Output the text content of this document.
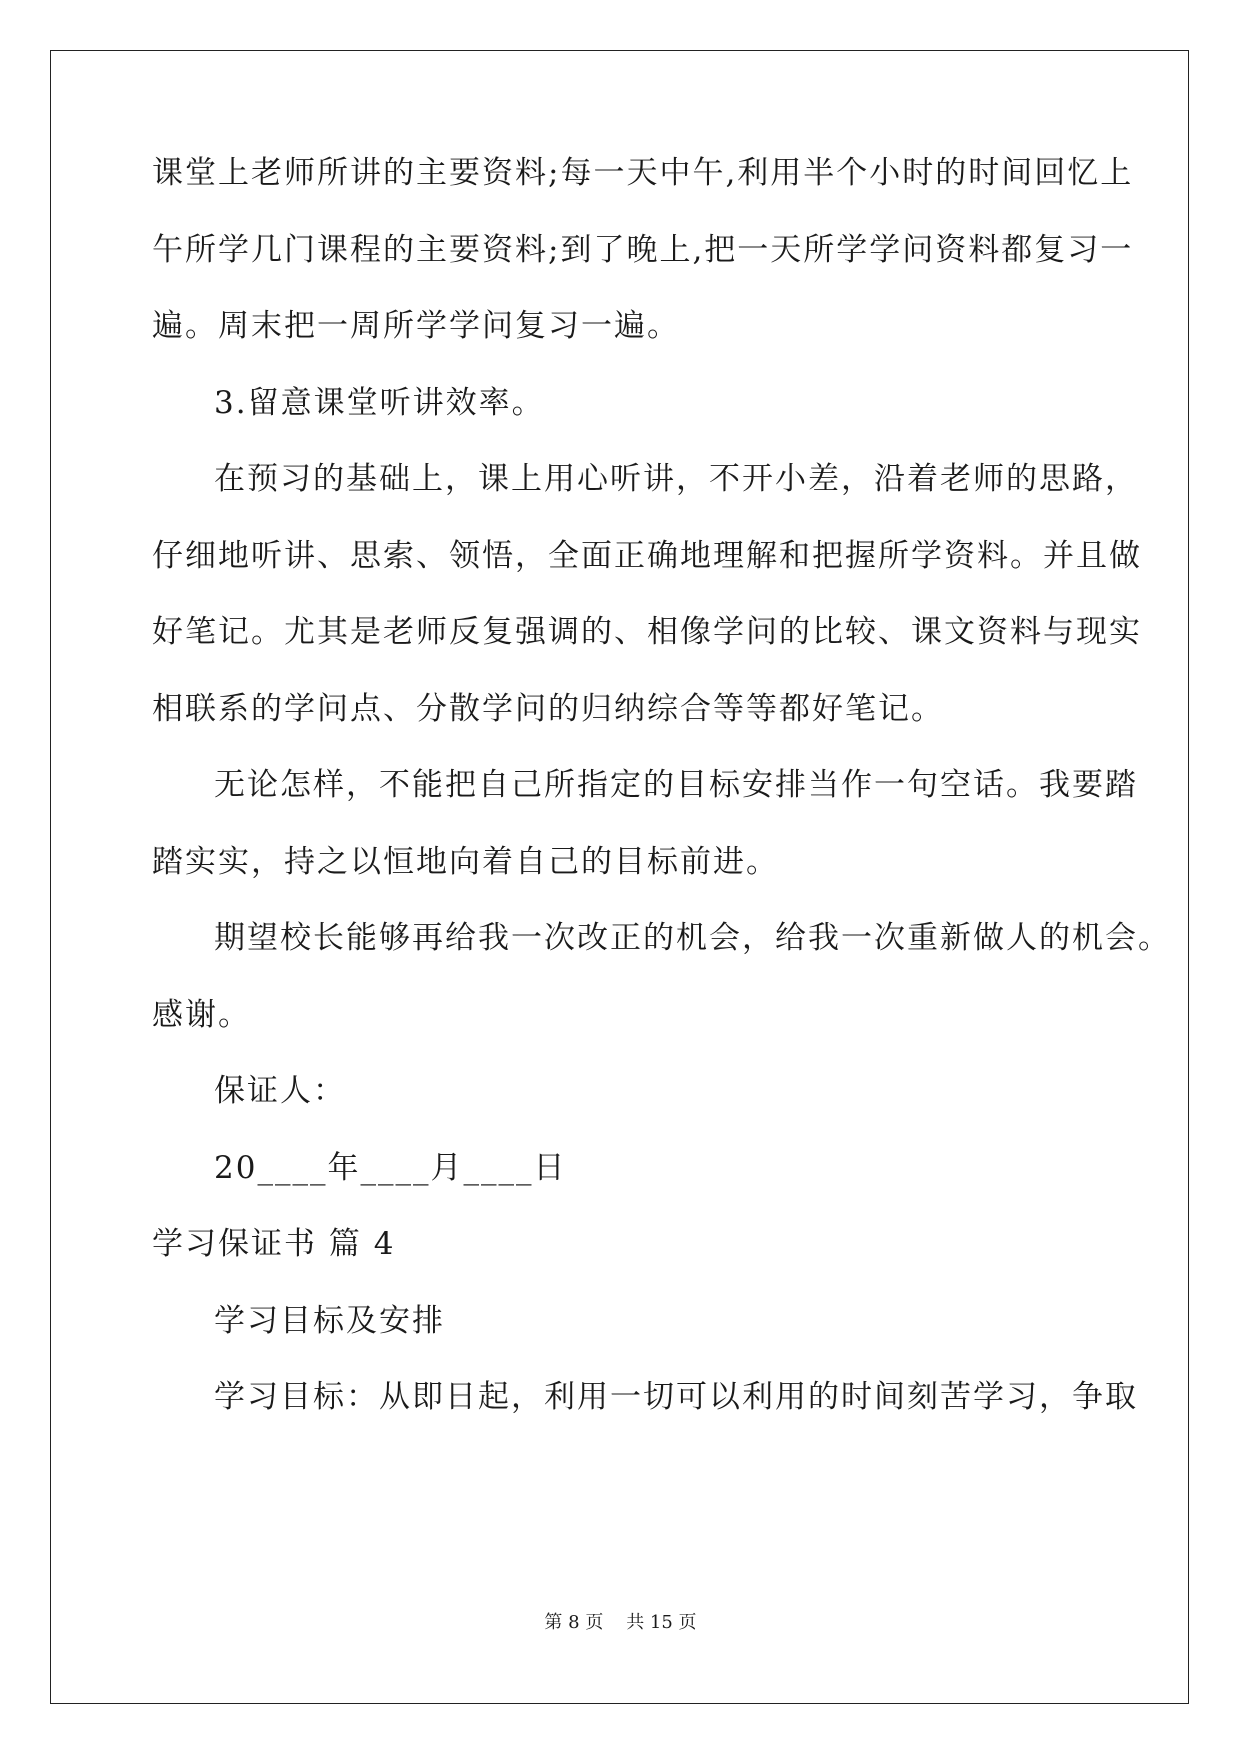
课堂上老师所讲的主要资料;每一天中午,利用半个小时的时间回忆上
午所学几门课程的主要资料;到了晚上,把一天所学学问资料都复习一
遍。周末把一周所学学问复习一遍。
3.留意课堂听讲效率。
在预习的基础上，课上用心听讲，不开小差，沿着老师的思路，
仔细地听讲、思索、领悟，全面正确地理解和把握所学资料。并且做
好笔记。尤其是老师反复强调的、相像学问的比较、课文资料与现实
相联系的学问点、分散学问的归纳综合等等都好笔记。
无论怎样，不能把自己所指定的目标安排当作一句空话。我要踏
踏实实，持之以恒地向着自己的目标前进。
期望校长能够再给我一次改正的机会，给我一次重新做人的机会。
感谢。
保证人：
20____年____月____日
学习保证书 篇 4
学习目标及安排
学习目标：从即日起，利用一切可以利用的时间刻苦学习，争取
第 8 页    共 15 页
